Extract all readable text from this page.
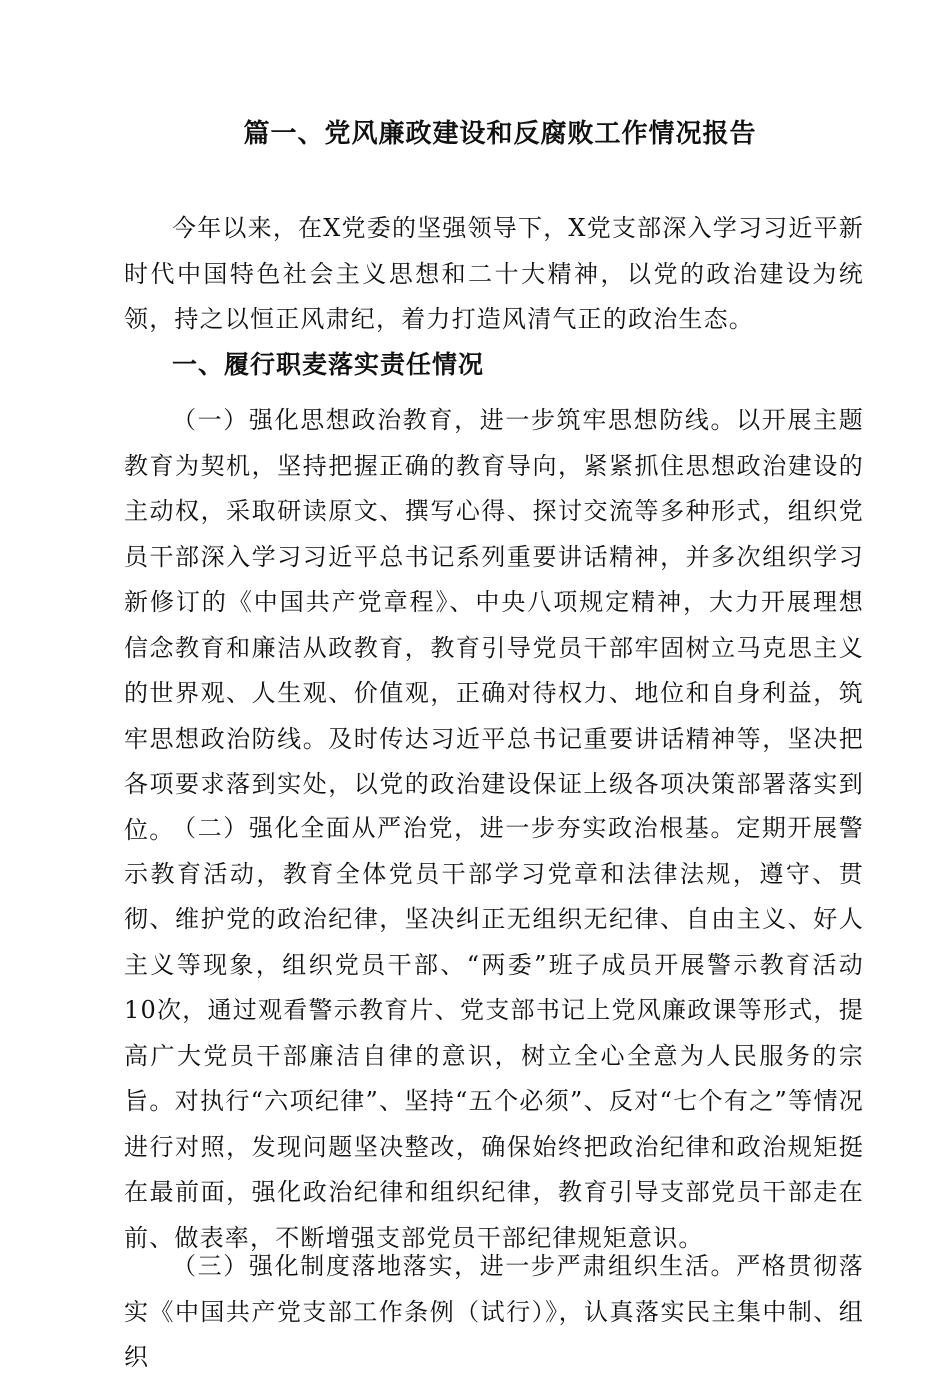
篇一、党风廉政建设和反腐败工作情况报告

今年以来，在X党委的坚强领导下，X党支部深入学习习近平新时代中国特色社会主义思想和二十大精神，以党的政治建设为统领，持之以恒正风肃纪，着力打造风清气正的政治生态。

一、履行职麦落实责任情况

（一）强化思想政治教育，进一步筑牢思想防线。以开展主题教育为契机，坚持把握正确的教育导向，紧紧抓住思想政治建设的主动权，采取研读原文、撰写心得、探讨交流等多种形式，组织党员干部深入学习习近平总书记系列重要讲话精神，并多次组织学习新修订的《中国共产党章程》、中央八项规定精神，大力开展理想信念教育和廉洁从政教育，教育引导党员干部牢固树立马克思主义的世界观、人生观、价值观，正确对待权力、地位和自身利益，筑牢思想政治防线。及时传达习近平总书记重要讲话精神等，坚决把各项要求落到实处，以党的政治建设保证上级各项决策部署落实到位。

（二）强化全面从严治党，进一步夯实政治根基。定期开展警示教育活动，教育全体党员干部学习党章和法律法规，遵守、贯彻、维护党的政治纪律，坚决纠正无组织无纪律、自由主义、好人主义等现象，组织党员干部、“两委”班子成员开展警示教育活动10次，通过观看警示教育片、党支部书记上党风廉政课等形式，提高广大党员干部廉洁自律的意识，树立全心全意为人民服务的宗旨。对执行“六项纪律”、坚持“五个必须”、反对“七个有之”等情况进行对照，发现问题坚决整改，确保始终把政治纪律和政治规矩挺在最前面，强化政治纪律和组织纪律，教育引导支部党员干部走在前、做表率，不断增强支部党员干部纪律规矩意识。

（三）强化制度落地落实，进一步严肃组织生活。严格贯彻落实《中国共产党支部工作条例（试行）》，认真落实民主集中制、组织
